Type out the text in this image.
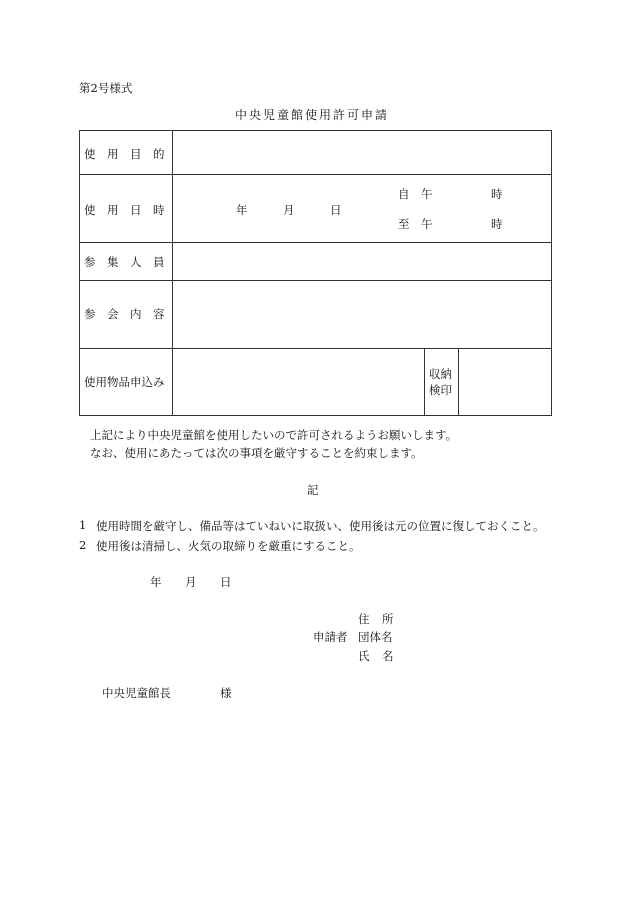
第2号様式
中央児童館使用許可申請
使 用 目 的
使 用 日 時	年	月	日
自 午	時
至 午	時
参 集 人 員
参 会 内 容
使用物品申込み
収納
検印
上記により中央児童館を使用したいので許可されるようお願いします。
なお、使用にあたっては次の事項を厳守することを約束します。
記
1 使用時間を厳守し、備品等はていねいに取扱い、使用後は元の位置に復しておくこと。
2 使用後は清掃し、火気の取締りを厳重にすること。
年 月 日
住 所
申請者 団体名
氏 名
中央児童館長	様
